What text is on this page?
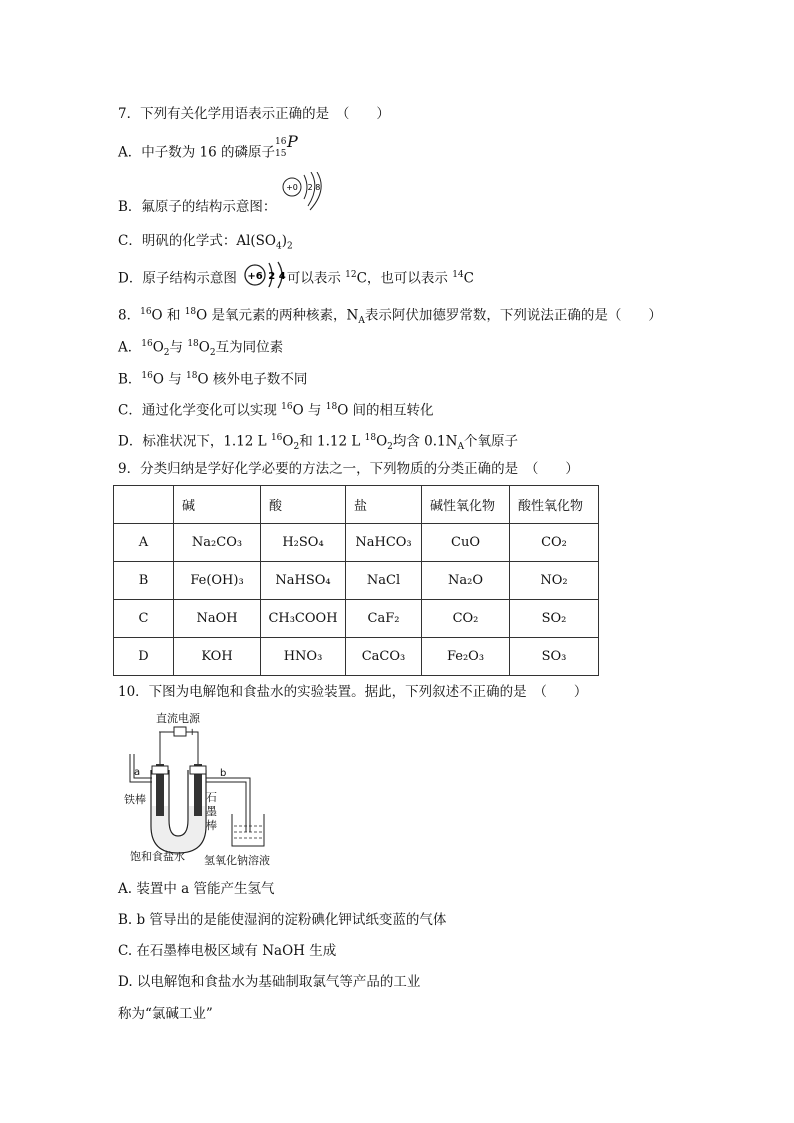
7．下列有关化学用语表示正确的是　（　　）
A．中子数为 16 的磷原子
16
15
P
B．氟原子的结构示意图：
+0 2 8
C．明矾的化学式：$Al(SO_4)_2$
D．原子结构示意图	可以表示 $^{12}$C，也可以表示 $^{14}$C
+6 2 4
8．$^{16}$O 和 $^{18}$O 是氧元素的两种核素，$N_A$表示阿伏加德罗常数，下列说法正确的是（　　）
A．$^{16}O_2$与 $^{18}O_2$互为同位素
B．$^{16}$O 与 $^{18}$O 核外电子数不同
C．通过化学变化可以实现 $^{16}$O 与 $^{18}$O 间的相互转化
D．标准状况下，1.12 L $^{16}O_2$和 1.12 L $^{18}O_2$均含 $0.1N_A$个氧原子
9．分类归纳是学好化学必要的方法之一，下列物质的分类正确的是　（　　）
	碱	酸	盐	碱性氧化物	酸性氧化物
A	Na₂CO₃	H₂SO₄	NaHCO₃	CuO	CO₂
B	Fe(OH)₃	NaHSO₄	NaCl	Na₂O	NO₂
C	NaOH	CH₃COOH	CaF₂	CO₂	SO₂
D	KOH	HNO₃	CaCO₃	Fe₂O₃	SO₃
10．下图为电解饱和食盐水的实验装置。据此，下列叙述不正确的是　（　　）
直流电源
− +
a	b
铁棒	石
墨
棒
饱和食盐水 氢氧化钠溶液
A. 装置中 a 管能产生氢气
B. b 管导出的是能使湿润的淀粉碘化钾试纸变蓝的气体
C. 在石墨棒电极区域有 NaOH 生成
D. 以电解饱和食盐水为基础制取氯气等产品的工业
称为“氯碱工业”
